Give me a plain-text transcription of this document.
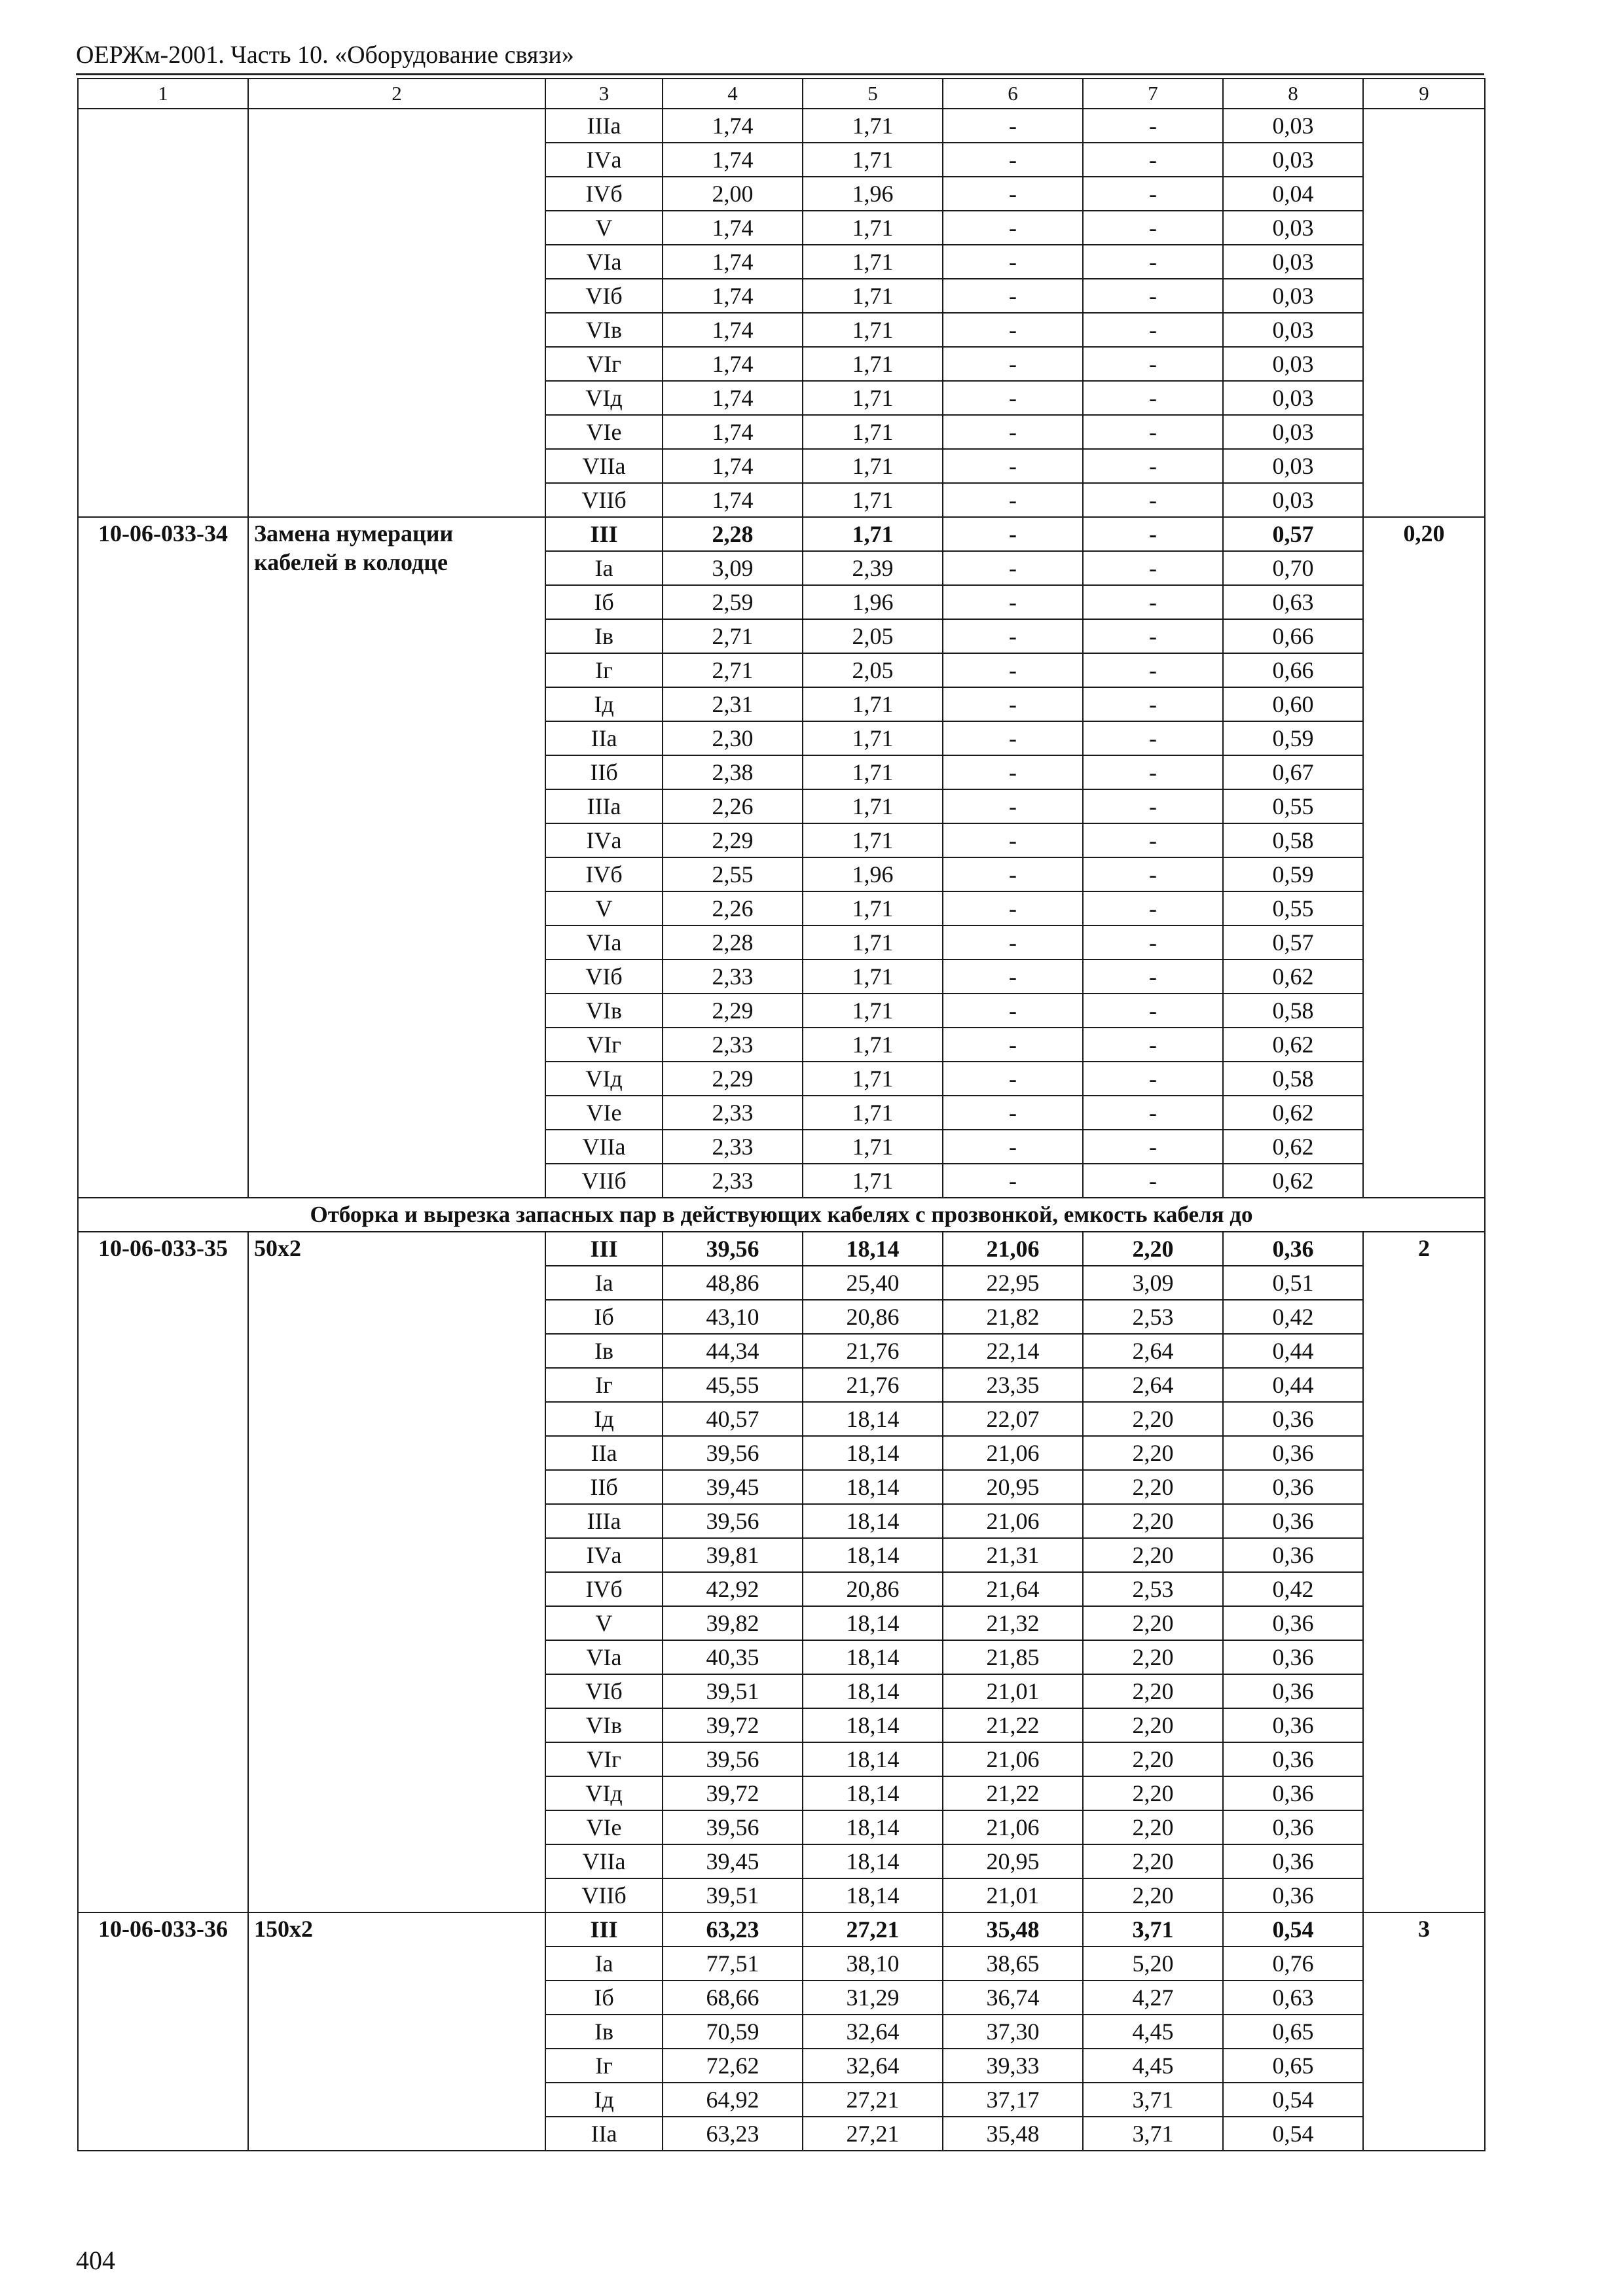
ОЕРЖм-2001. Часть 10. «Оборудование связи»
1	2	3	4	5	6	7	8	9
		IIIа	1,74	1,71	-	-	0,03	
		IVа	1,74	1,71	-	-	0,03	
		IVб	2,00	1,96	-	-	0,04	
		V	1,74	1,71	-	-	0,03	
		VIа	1,74	1,71	-	-	0,03	
		VIб	1,74	1,71	-	-	0,03	
		VIв	1,74	1,71	-	-	0,03	
		VIг	1,74	1,71	-	-	0,03	
		VIд	1,74	1,71	-	-	0,03	
		VIе	1,74	1,71	-	-	0,03	
		VIIа	1,74	1,71	-	-	0,03	
		VIIб	1,74	1,71	-	-	0,03	
10-06-033-34	Замена нумерации кабелей в колодце	III	2,28	1,71	-	-	0,57	0,20
		Iа	3,09	2,39	-	-	0,70	
		Iб	2,59	1,96	-	-	0,63	
		Iв	2,71	2,05	-	-	0,66	
		Iг	2,71	2,05	-	-	0,66	
		Iд	2,31	1,71	-	-	0,60	
		IIа	2,30	1,71	-	-	0,59	
		IIб	2,38	1,71	-	-	0,67	
		IIIа	2,26	1,71	-	-	0,55	
		IVа	2,29	1,71	-	-	0,58	
		IVб	2,55	1,96	-	-	0,59	
		V	2,26	1,71	-	-	0,55	
		VIа	2,28	1,71	-	-	0,57	
		VIб	2,33	1,71	-	-	0,62	
		VIв	2,29	1,71	-	-	0,58	
		VIг	2,33	1,71	-	-	0,62	
		VIд	2,29	1,71	-	-	0,58	
		VIе	2,33	1,71	-	-	0,62	
		VIIа	2,33	1,71	-	-	0,62	
		VIIб	2,33	1,71	-	-	0,62	
Отборка и вырезка запасных пар в действующих кабелях с прозвонкой, емкость кабеля до								
10-06-033-35	50x2	III	39,56	18,14	21,06	2,20	0,36	2
		Iа	48,86	25,40	22,95	3,09	0,51	
		Iб	43,10	20,86	21,82	2,53	0,42	
		Iв	44,34	21,76	22,14	2,64	0,44	
		Iг	45,55	21,76	23,35	2,64	0,44	
		Iд	40,57	18,14	22,07	2,20	0,36	
		IIа	39,56	18,14	21,06	2,20	0,36	
		IIб	39,45	18,14	20,95	2,20	0,36	
		IIIа	39,56	18,14	21,06	2,20	0,36	
		IVа	39,81	18,14	21,31	2,20	0,36	
		IVб	42,92	20,86	21,64	2,53	0,42	
		V	39,82	18,14	21,32	2,20	0,36	
		VIа	40,35	18,14	21,85	2,20	0,36	
		VIб	39,51	18,14	21,01	2,20	0,36	
		VIв	39,72	18,14	21,22	2,20	0,36	
		VIг	39,56	18,14	21,06	2,20	0,36	
		VIд	39,72	18,14	21,22	2,20	0,36	
		VIе	39,56	18,14	21,06	2,20	0,36	
		VIIа	39,45	18,14	20,95	2,20	0,36	
		VIIб	39,51	18,14	21,01	2,20	0,36	
10-06-033-36	150x2	III	63,23	27,21	35,48	3,71	0,54	3
		Iа	77,51	38,10	38,65	5,20	0,76	
		Iб	68,66	31,29	36,74	4,27	0,63	
		Iв	70,59	32,64	37,30	4,45	0,65	
		Iг	72,62	32,64	39,33	4,45	0,65	
		Iд	64,92	27,21	37,17	3,71	0,54	
		IIа	63,23	27,21	35,48	3,71	0,54	
404
